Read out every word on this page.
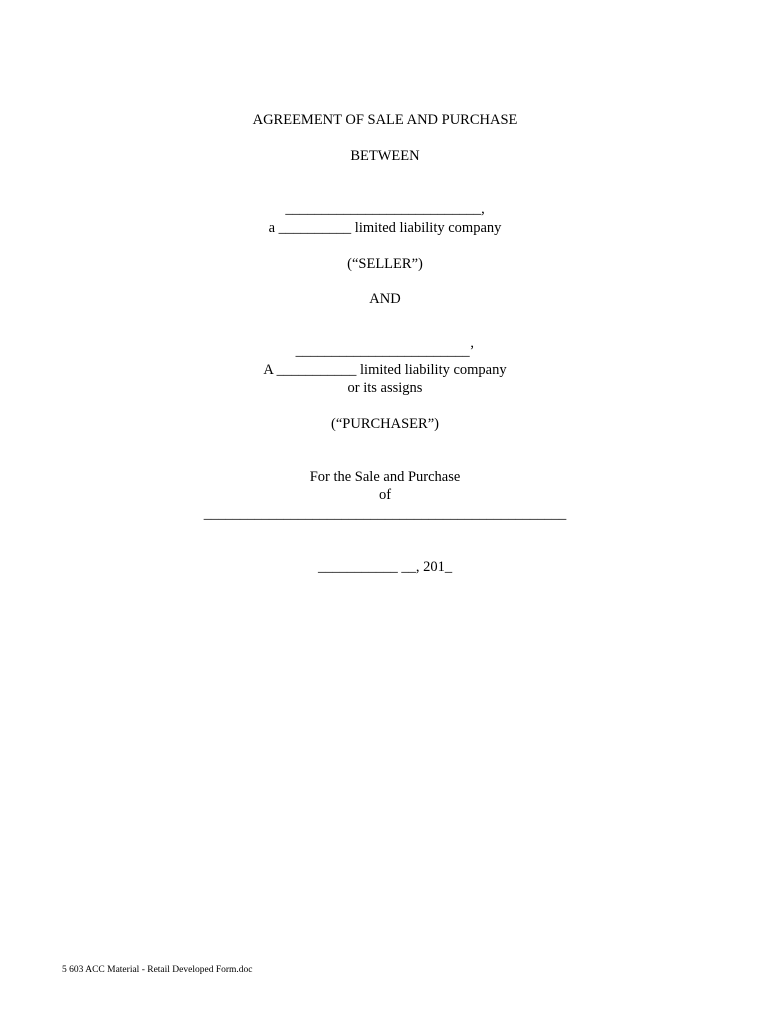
AGREEMENT OF SALE AND PURCHASE
BETWEEN
___________________________,
a __________ limited liability company
(“SELLER”)
AND
________________________’
A ___________ limited liability company
or its assigns
(“PURCHASER”)
For the Sale and Purchase
of
__________________________________________________
___________ __, 201_
5 603 ACC Material - Retail Developed Form.doc
